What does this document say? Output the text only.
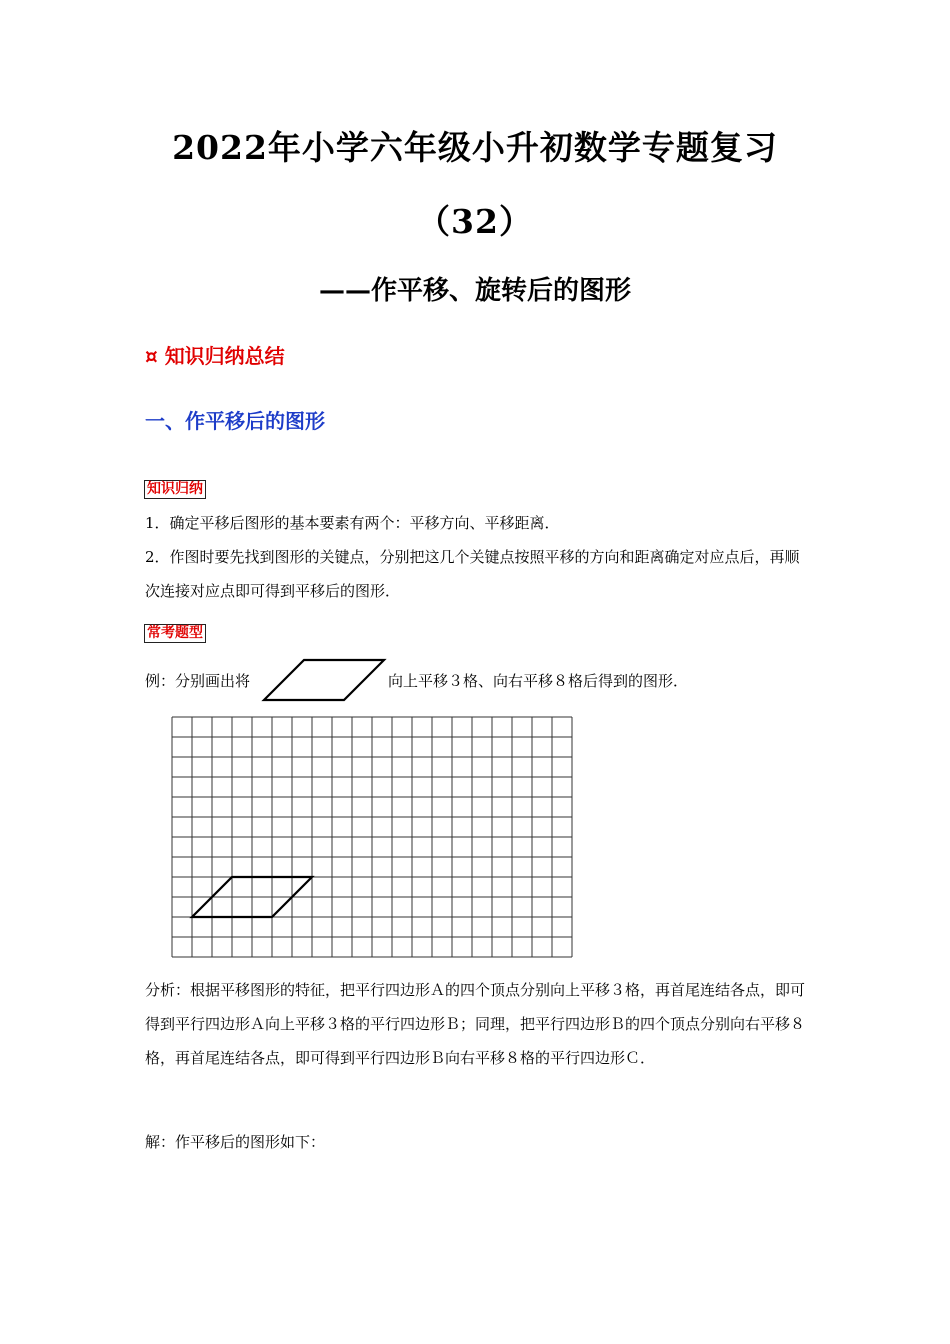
2022年小学六年级小升初数学专题复习
（32）
——作平移、旋转后的图形
¤ 知识归纳总结
一、作平移后的图形
知识归纳

1．确定平移后图形的基本要素有两个：平移方向、平移距离．

2．作图时要先找到图形的关键点，分别把这几个关键点按照平移的方向和距离确定对应点后，再顺次连接对应点即可得到平移后的图形．

常考题型
例：分别画出将	向上平移３格、向右平移８格后得到的图形．
分析：根据平移图形的特征，把平行四边形Ａ的四个顶点分别向上平移３格，再首尾连结各点，即可得到平行四边形Ａ向上平移３格的平行四边形Ｂ；同理，把平行四边形Ｂ的四个顶点分别向右平移８格，再首尾连结各点，即可得到平行四边形Ｂ向右平移８格的平行四边形Ｃ．
解：作平移后的图形如下：
